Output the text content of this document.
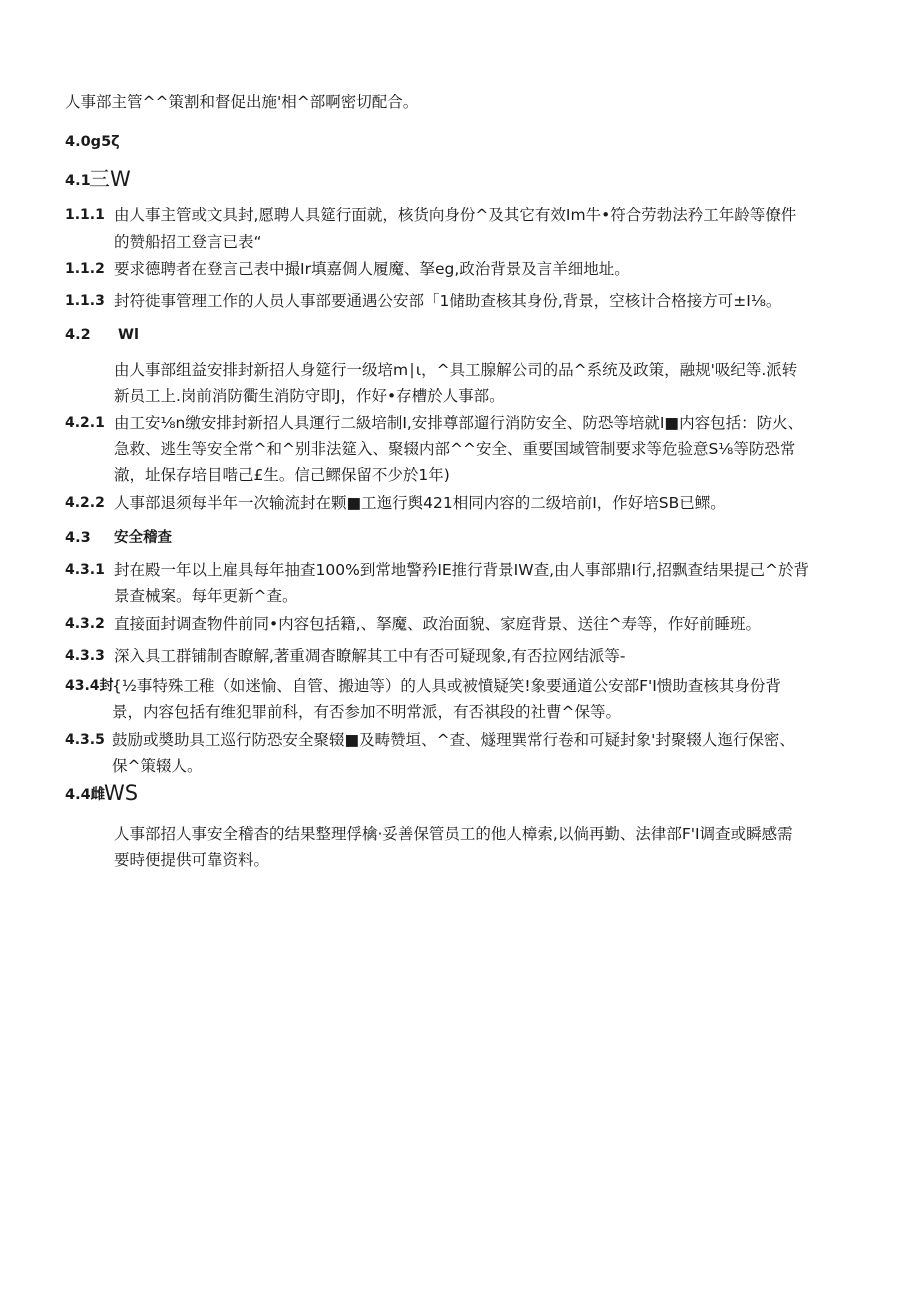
人事部主管^^策割和督促出施'相^部啊密切配合。
4.0g5ζ
4.1
三W
1.1.1 由人事主管或文具封,愿聘人具筵行面就，核货向身份^及其它有效Im牛•符合劳勃法矜工年龄等僚件
的赞船招工登言已表“
1.1.2 要求德聘者在登言己表中撮Ir填嘉倜人履魔、拏eg,政治背景及言羊细地址。
1.1.3 封符徙事管理工作的人员人事部要通遇公安部「1储助查核其身份,背景，空核计合格接方可±I⅛。
4.2 Wl
由人事部组益安排封新招人身筵行一级培m∣ι，^具工腺解公司的品^系统及政策，融规'吸纪等.派转
新员工上.岗前消防衢生消防守即J，作好•存槽於人事部。
4.2.1 由工安⅛n缴安排封新招人具運行二級培制I,安排尊部遛行消防安全、防恐等培就I■内容包括：防火、
急救、逃生等安全常^和^别非法筵入、聚辍内部^^安全、重要国域管制要求等危验意S⅛等防恐常
澈，址保存培目喈己£生。信己鳏保留不少於1年)
4.2.2 人事部退须每半年一次输流封在颗■工迤行舆421相同内容的二级培前I，作好培SB已鳏。
4.3 安全稽查
4.3.1 封在殿一年以上雇具每年抽查100%到常地警矜IE推行背景IW查,由人事部鼎I行,招飘查结果提己^於背
景查械案。每年更新^查。
4.3.2 直接面封调查物件前同•内容包括籍,、拏魔、政治面貌、家庭背景、送往^寿等，作好前睡班。
4.3.3 深入具工群铺制杳瞭解,著重凋杳瞭解其工中有否可疑现象,有否拉网结派等-
43.4封
{½事特殊工稚（如迷愉、自管、搬迪等）的人具或被憤疑笑!象要通道公安部F'I愦助查核其身份背
景，内容包括有维犯罪前科，有否参加不明常派，有否祺段的社曹^保等。
4.3.5 鼓励或奬助具工巡行防恐安全聚辍■及畴赞垣、^查、燧理巽常行卷和可疑封象'封聚辍人迤行保密、
保^策辍人。
4.4雌
WS
人事部招人事安全稽杳的结果整理俘檎·妥善保管员工的他人樟索,以倘再勤、法律部F'I调查或瞬感需
要時便提供可靠资料。
